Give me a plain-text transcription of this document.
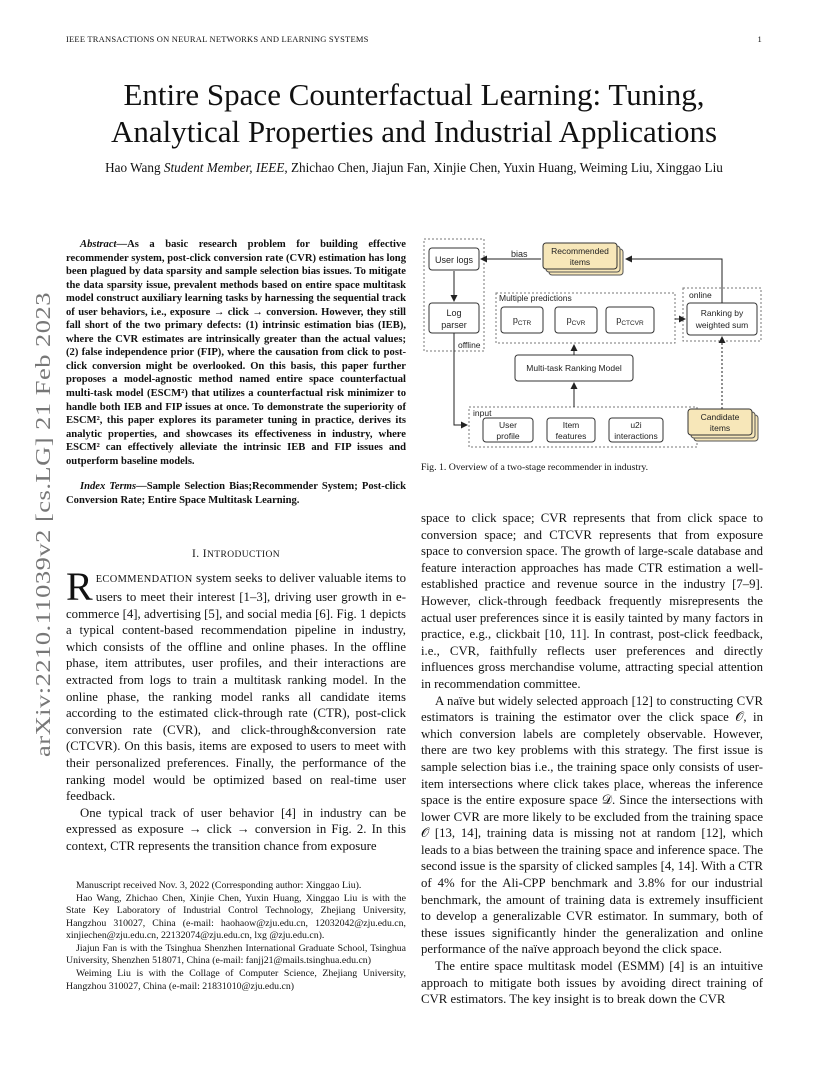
IEEE TRANSACTIONS ON NEURAL NETWORKS AND LEARNING SYSTEMS	1
arXiv:2210.11039v2 [cs.LG] 21 Feb 2023
Entire Space Counterfactual Learning: Tuning,
Analytical Properties and Industrial Applications
Hao Wang Student Member, IEEE, Zhichao Chen, Jiajun Fan, Xinjie Chen, Yuxin Huang, Weiming Liu, Xinggao Liu

Abstract—As a basic research problem for building effective recommender system, post-click conversion rate (CVR) estimation has long been plagued by data sparsity and sample selection bias issues. To mitigate the data sparsity issue, prevalent methods based on entire space multitask model construct auxiliary learning tasks by harnessing the sequential track of user behaviors, i.e., exposure → click → conversion. However, they still fall short of the two primary defects: (1) intrinsic estimation bias (IEB), where the CVR estimates are intrinsically greater than the actual values; (2) false independence prior (FIP), where the causation from click to post-click conversion might be overlooked. On this basis, this paper further proposes a model-agnostic method named entire space counterfactual multi-task model (ESCM²) that utilizes a counterfactual risk minimizer to handle both IEB and FIP issues at once. To demonstrate the superiority of ESCM², this paper explores its parameter tuning in practice, derives its analytic properties, and showcases its effectiveness in industry, where ESCM² can effectively alleviate the intrinsic IEB and FIP issues and outperform baseline models.

Index Terms—Sample Selection Bias;Recommender System; Post-click Conversion Rate; Entire Space Multitask Learning.

I. INTRODUCTION

RECOMMENDATION system seeks to deliver valuable items to users to meet their interest [1–3], driving user growth in e-commerce [4], advertising [5], and social media [6]. Fig. 1 depicts a typical content-based recommendation pipeline in industry, which consists of the offline and online phases. In the offline phase, item attributes, user profiles, and their interactions are extracted from logs to train a multitask ranking model. In the online phase, the ranking model ranks all candidate items according to the estimated click-through rate (CTR), post-click conversion rate (CVR), and click-through&conversion rate (CTCVR). On this basis, items are exposed to users to meet with their personalized preferences. Finally, the performance of the ranking model would be optimized based on real-time user feedback.

One typical track of user behavior [4] in industry can be expressed as exposure → click → conversion in Fig. 2. In this context, CTR represents the transition chance from exposure

Manuscript received Nov. 3, 2022 (Corresponding author: Xinggao Liu).

Hao Wang, Zhichao Chen, Xinjie Chen, Yuxin Huang, Xinggao Liu is with the State Key Laboratory of Industrial Control Technology, Zhejiang University, Hangzhou 310027, China (e-mail: haohaow@zju.edu.cn, 12032042@zju.edu.cn, xinjiechen@zju.edu.cn, 22132074@zju.edu.cn, lxg @zju.edu.cn).

Jiajun Fan is with the Tsinghua Shenzhen International Graduate School, Tsinghua University, Shenzhen 518071, China (e-mail: fanjj21@mails.tsinghua.edu.cn)

Weiming Liu is with the Collage of Computer Science, Zhejiang University, Hangzhou 310027, China (e-mail: 21831010@zju.edu.cn)

User logs
bias	Recommended
items
Log
parser
offline
Multiple predictions
$p_{CTR}$	$p_{CVR}$	$p_{CTCVR}$
online
Ranking by
weighted sum
Multi-task Ranking Model
input
User
profile
Item
features
u2i
interactions
Candidate
items
Fig. 1. Overview of a two-stage recommender in industry.

space to click space; CVR represents that from click space to conversion space; and CTCVR represents that from exposure space to conversion space. The growth of large-scale database and feature interaction approaches has made CTR estimation a well-established practice and revenue source in the industry [7–9]. However, click-through feedback frequently misrepresents the actual user preferences since it is easily tainted by many factors in practice, e.g., clickbait [10, 11]. In contrast, post-click feedback, i.e., CVR, faithfully reflects user preferences and directly influences gross merchandise volume, attracting special attention in recommendation committee.

A naïve but widely selected approach [12] to constructing CVR estimators is training the estimator over the click space 𝒪, in which conversion labels are completely observable. However, there are two key problems with this strategy. The first issue is sample selection bias i.e., the training space only consists of user-item intersections where click takes place, whereas the inference space is the entire exposure space 𝒟. Since the intersections with lower CVR are more likely to be excluded from the training space 𝒪 [13, 14], training data is missing not at random [12], which leads to a bias between the training space and inference space. The second issue is the sparsity of clicked samples [4, 14]. With a CTR of 4% for the Ali-CPP benchmark and 3.8% for our industrial benchmark, the amount of training data is extremely insufficient to develop a generalizable CVR estimator. In summary, both of these issues significantly hinder the generalization and online performance of the naïve approach beyond the click space.

The entire space multitask model (ESMM) [4] is an intuitive approach to mitigate both issues by avoiding direct training of CVR estimators. The key insight is to break down the CVR
